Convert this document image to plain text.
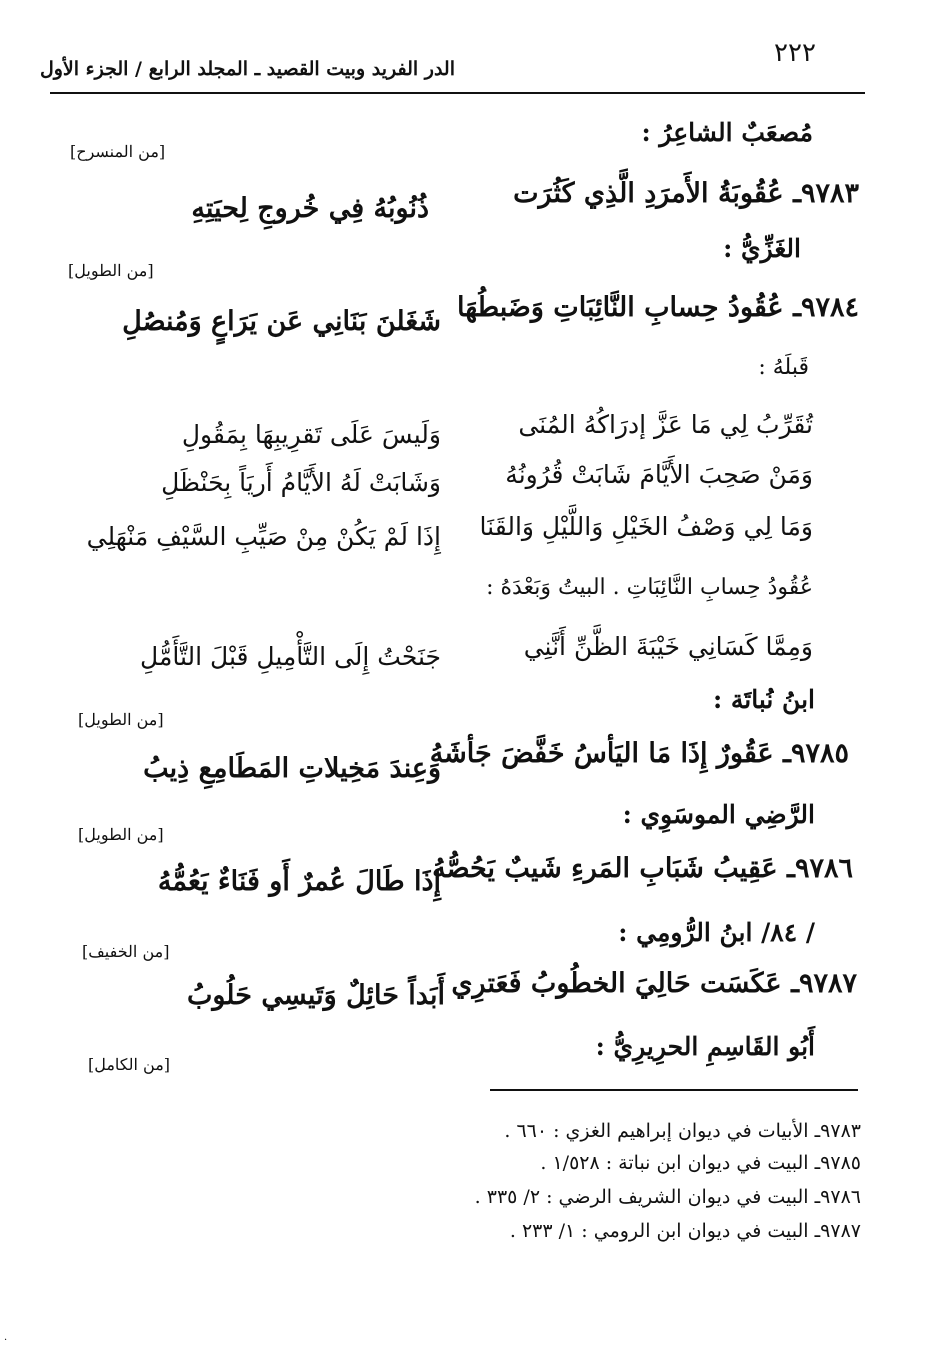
٢٢٢
الدر الفريد وبيت القصيد ـ المجلد الرابع / الجزء الأول
مُصعَبٌ الشاعِرُ :
[من المنسرح]
٩٧٨٣ـ عُقُوبَةُ الأَمرَدِ الَّذِي كَثُرَت
ذُنُوبُهُ فِي خُروجِ لِحيَتِهِ
الغَزِّيُّ :
[من الطويل]
٩٧٨٤ـ عُقُودُ حِسابِ النَّائِبَاتِ وَضَبطُهَا
شَغَلنَ بَنَانِي عَن يَرَاعٍ وَمُنصُلِ
قَبلَهُ :
تُقَرِّبُ لِي مَا عَزَّ إدرَاكُهُ المُنَى
وَلَيسَ عَلَى تَقرِيبِهَا بِمَقُولِ
وَمَنْ صَحِبَ الأَيَّامَ شَابَتْ قُرُونُهُ
وَشَابَتْ لَهُ الأَيَّامُ أَريَاً بِحَنْظَلِ
وَمَا لِي وَصْفُ الخَيْلِ وَاللَّيْلِ وَالقَنَا
إِذَا لَمْ يَكُنْ مِنْ صَيِّبِ السَّيْفِ مَنْهَلِي
عُقُودُ حِسابِ النَّائِبَاتِ . البيتُ وَبَعْدَهُ :
وَمِمَّا كَسَانِي خَيْبَةَ الظَّنِّ أَنَّنِي
جَنَحْتُ إِلَى التَّأْمِيلِ قَبْلَ التَّأَمُّلِ
ابنُ نُباتَة :
[من الطويل]
٩٧٨٥ـ عَقُورٌ إِذَا مَا اليَأسُ خَفَّضَ جَأشَهُ
وَعِندَ مَخِيلاتِ المَطَامِعِ ذِيبُ
الرَّضِي الموسَوِي :
[من الطويل]
٩٧٨٦ـ عَقِيبُ شَبَابِ المَرءِ شَيبٌ يَحُصُّهُ
إِذَا طَالَ عُمرٌ أَو فَنَاءٌ يَعُمُّهُ
/ ٨٤/ ابنُ الرُّومِي :
[من الخفيف]
٩٧٨٧ـ عَكَسَت حَالِيَ الخطُوبُ فَعَترِي
أَبَداً حَائِلٌ وَتَيسِي حَلُوبُ
أَبُو القَاسِمِ الحرِيرِيُّ :
[من الكامل]
٩٧٨٣ـ الأبيات في ديوان إبراهيم الغزي : ٦٦٠ .
٩٧٨٥ـ البيت في ديوان ابن نباتة : ١/٥٢٨ .
٩٧٨٦ـ البيت في ديوان الشريف الرضي : ٢/ ٣٣٥ .
٩٧٨٧ـ البيت في ديوان ابن الرومي : ١/ ٢٣٣ .
·
